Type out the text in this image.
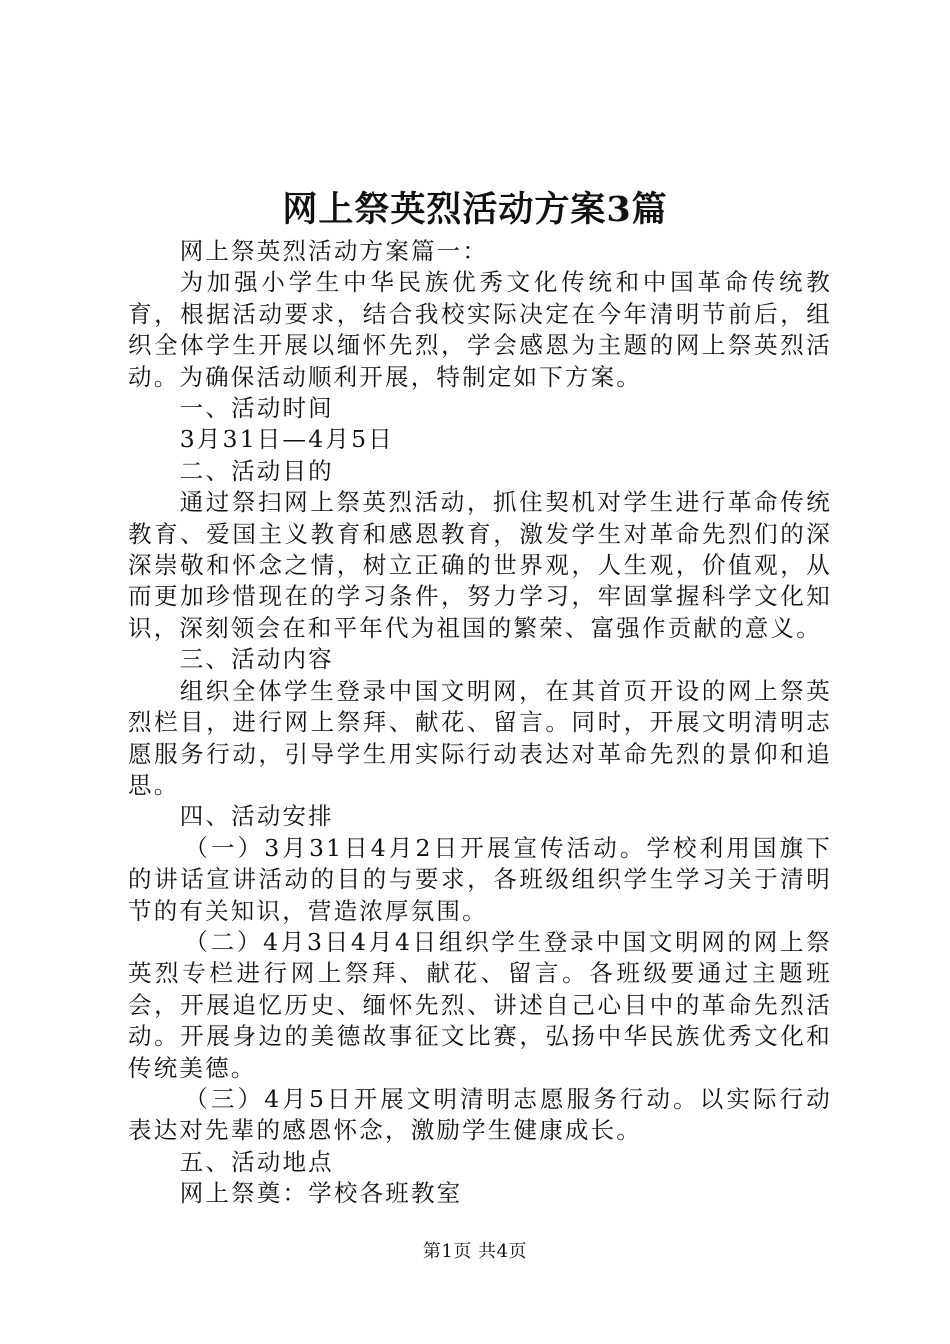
网上祭英烈活动方案3篇

网上祭英烈活动方案篇一：

为加强小学生中华民族优秀文化传统和中国革命传统教育，根据活动要求，结合我校实际决定在今年清明节前后，组织全体学生开展以缅怀先烈，学会感恩为主题的网上祭英烈活动。为确保活动顺利开展，特制定如下方案。

一、活动时间

3月31日—4月5日

二、活动目的

通过祭扫网上祭英烈活动，抓住契机对学生进行革命传统教育、爱国主义教育和感恩教育，激发学生对革命先烈们的深深崇敬和怀念之情，树立正确的世界观，人生观，价值观，从而更加珍惜现在的学习条件，努力学习，牢固掌握科学文化知识，深刻领会在和平年代为祖国的繁荣、富强作贡献的意义。

三、活动内容

组织全体学生登录中国文明网，在其首页开设的网上祭英烈栏目，进行网上祭拜、献花、留言。同时，开展文明清明志愿服务行动，引导学生用实际行动表达对革命先烈的景仰和追思。

四、活动安排

（一）3月31日4月2日开展宣传活动。学校利用国旗下的讲话宣讲活动的目的与要求，各班级组织学生学习关于清明节的有关知识，营造浓厚氛围。

（二）4月3日4月4日组织学生登录中国文明网的网上祭英烈专栏进行网上祭拜、献花、留言。各班级要通过主题班会，开展追忆历史、缅怀先烈、讲述自己心目中的革命先烈活动。开展身边的美德故事征文比赛，弘扬中华民族优秀文化和传统美德。

（三）4月5日开展文明清明志愿服务行动。以实际行动表达对先辈的感恩怀念，激励学生健康成长。

五、活动地点

网上祭奠：学校各班教室

第1页 共4页
